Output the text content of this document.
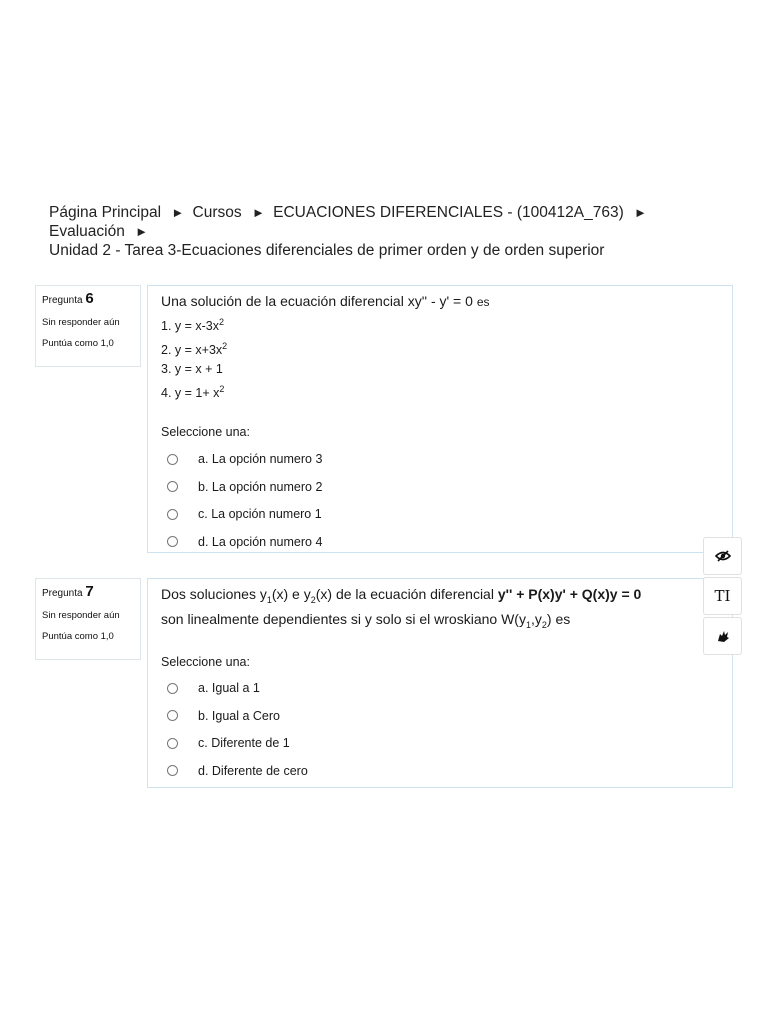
Página Principal ► Cursos ► ECUACIONES DIFERENCIALES - (100412A_763) ►
Evaluación ►
Unidad 2 - Tarea 3-Ecuaciones diferenciales de primer orden y de orden superior
Pregunta 6
Sin responder aún
Puntúa como 1,0
Una solución de la ecuación diferencial xy'' - y' = 0 es
1. $y = x-3x^2$
2. $y = x+3x^2$
3. y = x + 1
4. $y = 1+ x^2$
Seleccione una:
a. La opción numero 3
b. La opción numero 2
c. La opción numero 1
d. La opción numero 4
Pregunta 7
Sin responder aún
Puntúa como 1,0
Dos soluciones $y_1(x)$ e $y_2(x)$ de la ecuación diferencial y'' + P(x)y' + Q(x)y = 0
son linealmente dependientes si y solo si el wroskiano $W(y_1,y_2)$ es
Seleccione una:
a. Igual a 1
b. Igual a Cero
c. Diferente de 1
d. Diferente de cero
TI
